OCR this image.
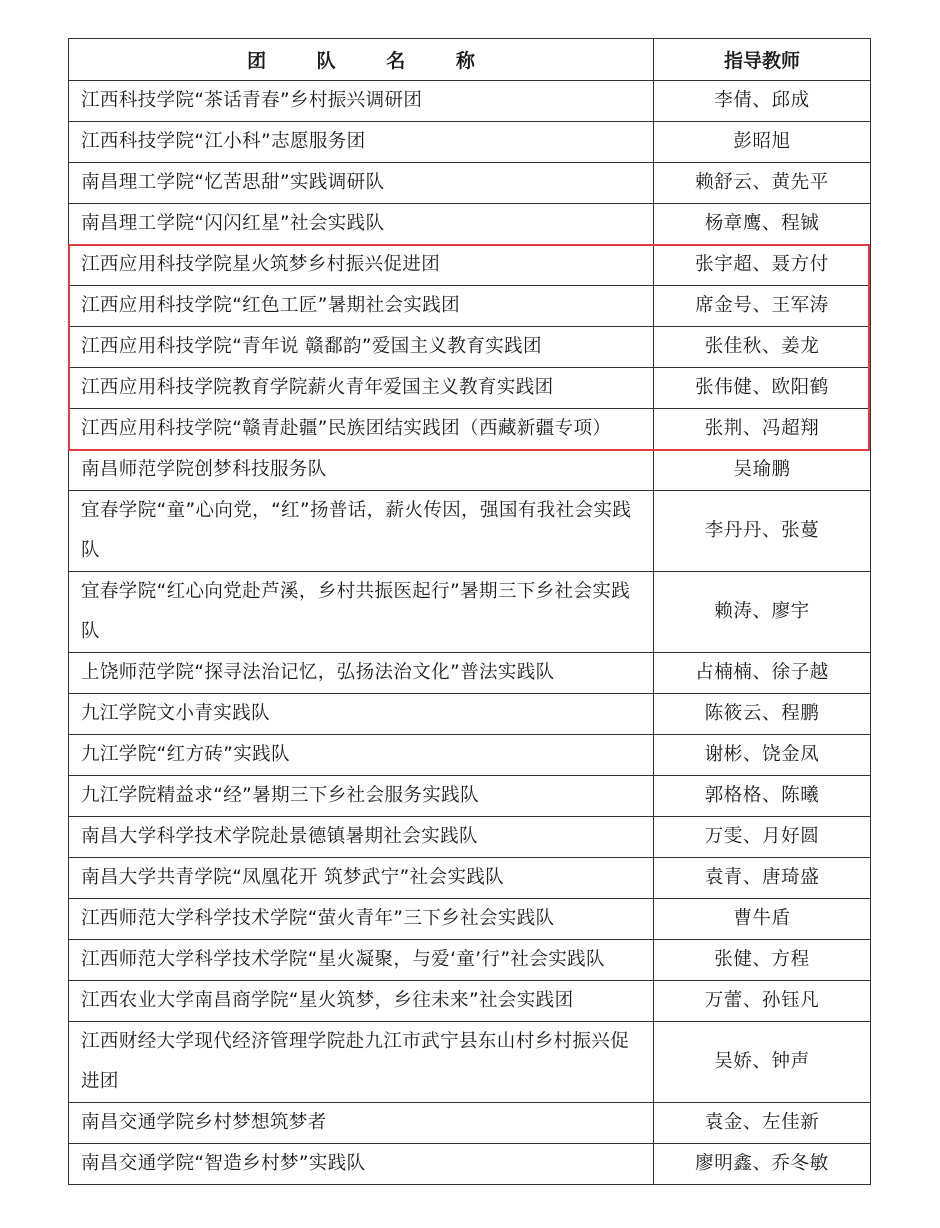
团 队 名 称	指导教师
江西科技学院“茶话青春”乡村振兴调研团	李倩、邱成
江西科技学院“江小科”志愿服务团	彭昭旭
南昌理工学院“忆苦思甜”实践调研队	赖舒云、黄先平
南昌理工学院“闪闪红星”社会实践队	杨章鹰、程铖
江西应用科技学院星火筑梦乡村振兴促进团	张宇超、聂方付
江西应用科技学院“红色工匠”暑期社会实践团	席金号、王军涛
江西应用科技学院“青年说 赣鄱韵”爱国主义教育实践团	张佳秋、姜龙
江西应用科技学院教育学院薪火青年爱国主义教育实践团	张伟健、欧阳鹤
江西应用科技学院“赣青赴疆”民族团结实践团（西藏新疆专项）	张荆、冯超翔
南昌师范学院创梦科技服务队	吴瑜鹏
宜春学院“童”心向党，“红”扬普话，薪火传因，强国有我社会实践队	李丹丹、张蔓
宜春学院“红心向党赴芦溪，乡村共振医起行”暑期三下乡社会实践队	赖涛、廖宇
上饶师范学院“探寻法治记忆，弘扬法治文化”普法实践队	占楠楠、徐子越
九江学院文小青实践队	陈筱云、程鹏
九江学院“红方砖”实践队	谢彬、饶金凤
九江学院精益求“经”暑期三下乡社会服务实践队	郭格格、陈曦
南昌大学科学技术学院赴景德镇暑期社会实践队	万雯、月好圆
南昌大学共青学院“凤凰花开 筑梦武宁”社会实践队	袁青、唐琦盛
江西师范大学科学技术学院“萤火青年”三下乡社会实践队	曹牛盾
江西师范大学科学技术学院“星火凝聚，与爱‘童’行”社会实践队	张健、方程
江西农业大学南昌商学院“星火筑梦，乡往未来”社会实践团	万蕾、孙钰凡
江西财经大学现代经济管理学院赴九江市武宁县东山村乡村振兴促进团	吴娇、钟声
南昌交通学院乡村梦想筑梦者	袁金、左佳新
南昌交通学院“智造乡村梦”实践队	廖明鑫、乔冬敏
